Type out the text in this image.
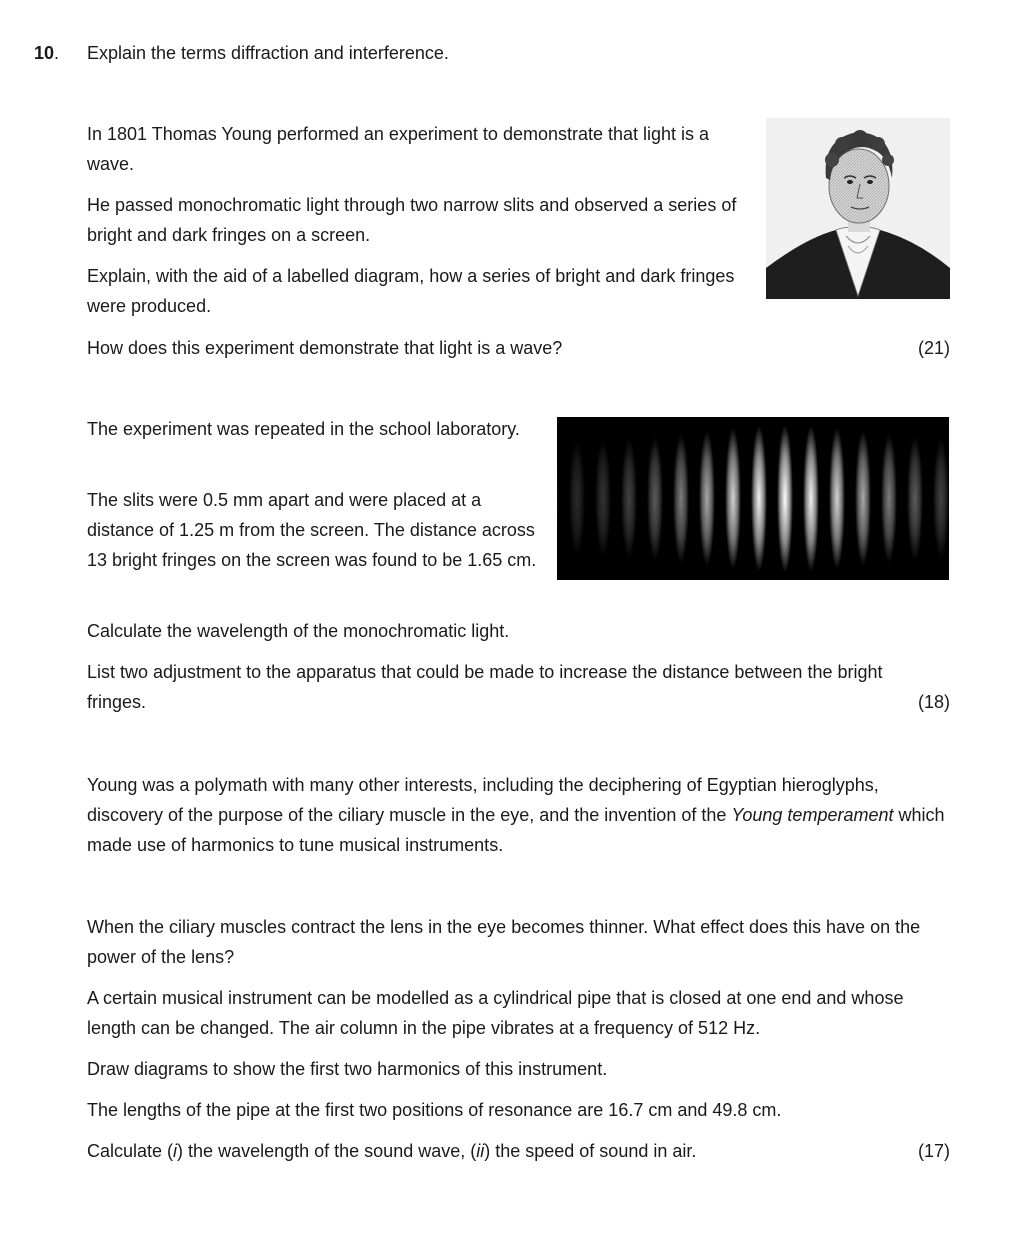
10. Explain the terms diffraction and interference.

In 1801 Thomas Young performed an experiment to demonstrate that light is a wave.

He passed monochromatic light through two narrow slits and observed a series of bright and dark fringes on a screen.

Explain, with the aid of a labelled diagram, how a series of bright and dark fringes were produced.

How does this experiment demonstrate that light is a wave?	(21)

The experiment was repeated in the school laboratory.

The slits were 0.5 mm apart and were placed at a distance of 1.25 m from the screen. The distance across 13 bright fringes on the screen was found to be 1.65 cm.

Calculate the wavelength of the monochromatic light.

List two adjustment to the apparatus that could be made to increase the distance between the bright fringes.	(18)

Young was a polymath with many other interests, including the deciphering of Egyptian hieroglyphs, discovery of the purpose of the ciliary muscle in the eye, and the invention of the Young temperament which made use of harmonics to tune musical instruments.

When the ciliary muscles contract the lens in the eye becomes thinner. What effect does this have on the power of the lens?

A certain musical instrument can be modelled as a cylindrical pipe that is closed at one end and whose length can be changed. The air column in the pipe vibrates at a frequency of 512 Hz.

Draw diagrams to show the first two harmonics of this instrument.

The lengths of the pipe at the first two positions of resonance are 16.7 cm and 49.8 cm.

Calculate (i) the wavelength of the sound wave, (ii) the speed of sound in air.	(17)
